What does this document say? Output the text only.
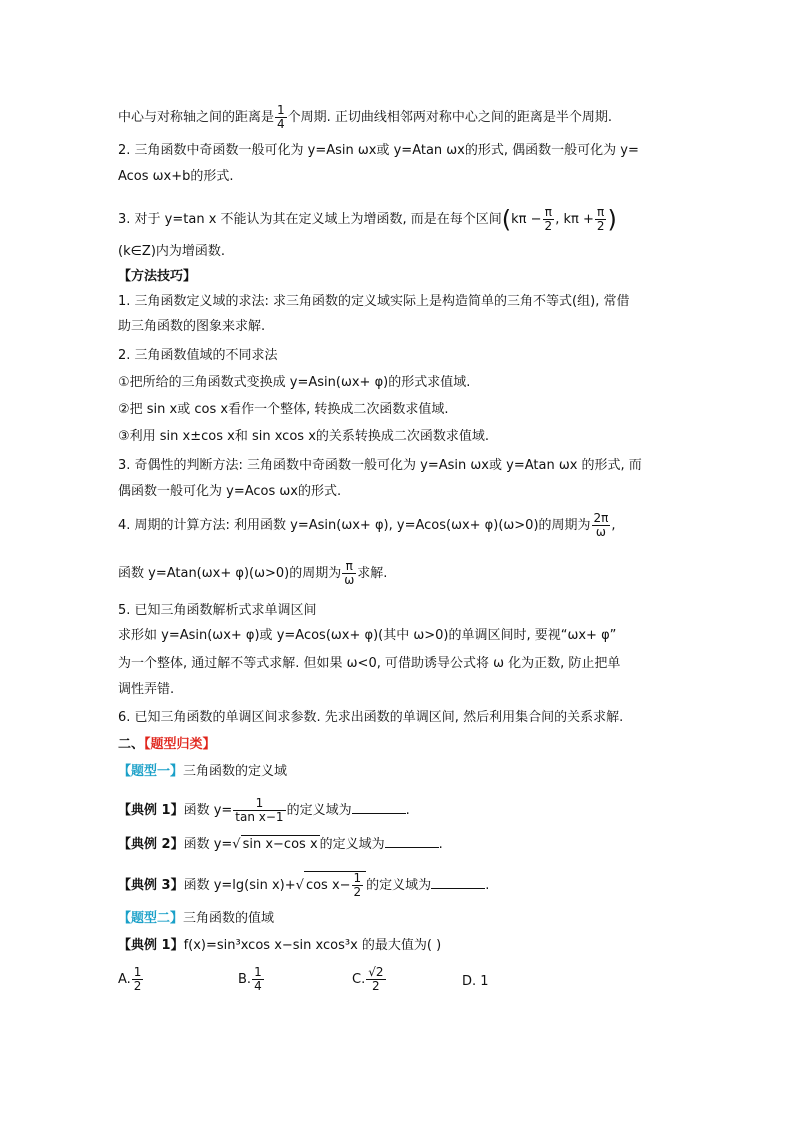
中心与对称轴之间的距离是 $\frac{1}{4}$ 个周期. 正切曲线相邻两对称中心之间的距离是半个周期.
2. 三角函数中奇函数一般可化为 y=Asin ωx或 y=Atan ωx的形式, 偶函数一般可化为 y=
Acos ωx+b的形式.
3. 对于 y=tan x 不能认为其在定义域上为增函数, 而是在每个区间($k\pi - \frac{\pi}{2}$ , $k\pi + \frac{\pi}{2}$ )
(k∈Z)内为增函数.
【方法技巧】
1. 三角函数定义域的求法: 求三角函数的定义域实际上是构造简单的三角不等式(组), 常借
助三角函数的图象来求解.
2. 三角函数值域的不同求法
①把所给的三角函数式变换成 y=Asin(ωx+ φ)的形式求值域.
②把 sin x或 cos x看作一个整体, 转换成二次函数求值域.
③利用 sin x±cos x和 sin xcos x的关系转换成二次函数求值域.
3. 奇偶性的判断方法: 三角函数中奇函数一般可化为 y=Asin ωx或 y=Atan ωx 的形式, 而
偶函数一般可化为 y=Acos ωx的形式.
4. 周期的计算方法: 利用函数 y=Asin(ωx+ φ), y=Acos(ωx+ φ)(ω>0)的周期为 $\frac{2\pi}{\omega}$ ,
函数 y=Atan(ωx+ φ)(ω>0)的周期为 $\frac{\pi}{\omega}$ 求解.
5. 已知三角函数解析式求单调区间
求形如 y=Asin(ωx+ φ)或 y=Acos(ωx+ φ)(其中 ω>0)的单调区间时, 要视“ωx+ φ”
为一个整体, 通过解不等式求解. 但如果 ω<0, 可借助诱导公式将 ω 化为正数, 防止把单
调性弄错.
6. 已知三角函数的单调区间求参数. 先求出函数的单调区间, 然后利用集合间的关系求解.
二、【题型归类】
【题型一】三角函数的定义域
【典例 1】函数 $y= \frac{1}{\text{tan x−1}}$ 的定义域为	.
【典例 2】函数 y=√ sin x−cos x 的定义域为	.
【典例 3】函数 y=lg(sin x)+√ $\cos x- \frac{1}{2}$ 的定义域为	.
【题型二】三角函数的值域
【典例 1】f(x)=sin³xcos x−sin xcos³x 的最大值为( )
A. $\frac{1}{2}$	B. $\frac{1}{4}$	C. $\frac{√2}{2}$	D. 1
